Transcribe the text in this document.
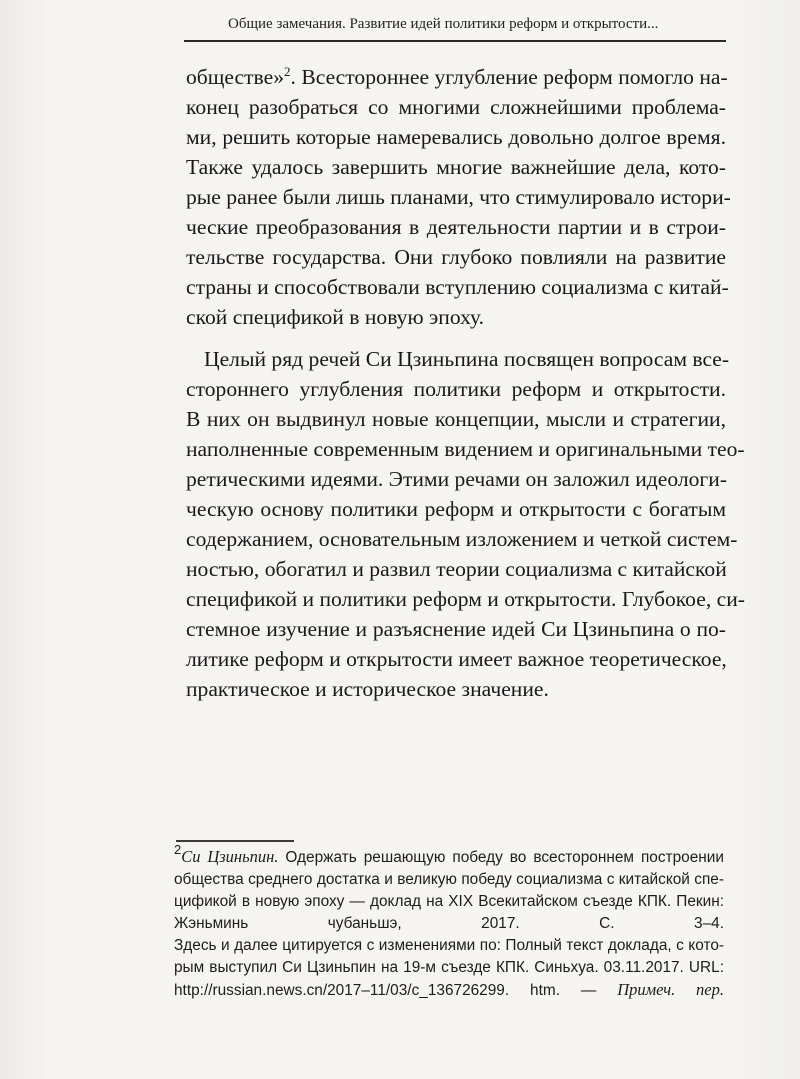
Общие замечания. Развитие идей политики реформ и открытости...
обществе»$^2$. Всестороннее углубление реформ помогло на-
конец разобраться со многими сложнейшими проблема-
ми, решить которые намеревались довольно долгое время.
Также удалось завершить многие важнейшие дела, кото-
рые ранее были лишь планами, что стимулировало истори-
ческие преобразования в деятельности партии и в строи-
тельстве государства. Они глубоко повлияли на развитие
страны и способствовали вступлению социализма с китай-
ской спецификой в новую эпоху.
Целый ряд речей Си Цзиньпина посвящен вопросам все-
стороннего углубления политики реформ и открытости.
В них он выдвинул новые концепции, мысли и стратегии,
наполненные современным видением и оригинальными тео-
ретическими идеями. Этими речами он заложил идеологи-
ческую основу политики реформ и открытости с богатым
содержанием, основательным изложением и четкой систем-
ностью, обогатил и развил теории социализма с китайской
спецификой и политики реформ и открытости. Глубокое, си-
стемное изучение и разъяснение идей Си Цзиньпина о по-
литике реформ и открытости имеет важное теоретическое,
практическое и историческое значение.
$^2$Си Цзиньпин. Одержать решающую победу во всестороннем построении
общества среднего достатка и великую победу социализма с китайской спе-
цификой в новую эпоху — доклад на XIX Всекитайском съезде КПК. Пекин:
Жэньминь чубаньшэ, 2017. С. 3–4.
Здесь и далее цитируется с изменениями по: Полный текст доклада, с кото-
рым выступил Си Цзиньпин на 19-м съезде КПК. Синьхуа. 03.11.2017. URL:
http://russian.news.cn/2017–11/03/c_136726299. htm. — Примеч. пер.
